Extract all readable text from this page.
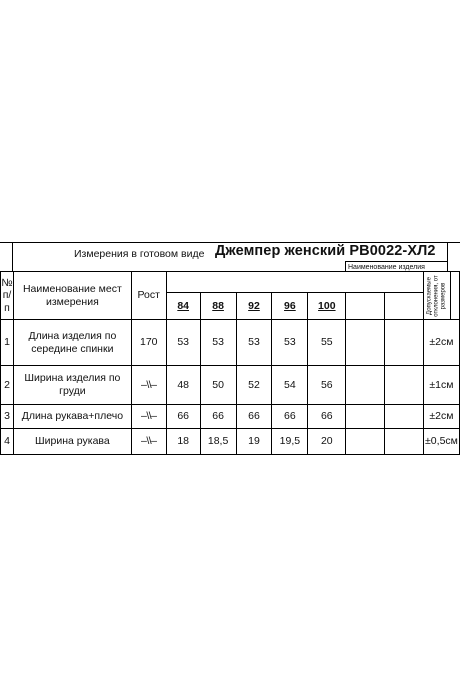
Измерения в готовом виде Джемпер женский РВ0022-ХЛ2
Наименование изделия
№ п/ п	Наименование мест измерения	Рост								Допускаемые отклонения, от размеров	

			84	88	92	96	100				
1	Длина изделия по середине спинки	170	53	53	53	53	55			±2см	
2	Ширина изделия по груди	–\\–	48	50	52	54	56			±1см	
3	Длина рукава+плечо	–\\–	66	66	66	66	66			±2см	
4	Ширина рукава	–\\–	18	18,5	19	19,5	20			±0,5см	
